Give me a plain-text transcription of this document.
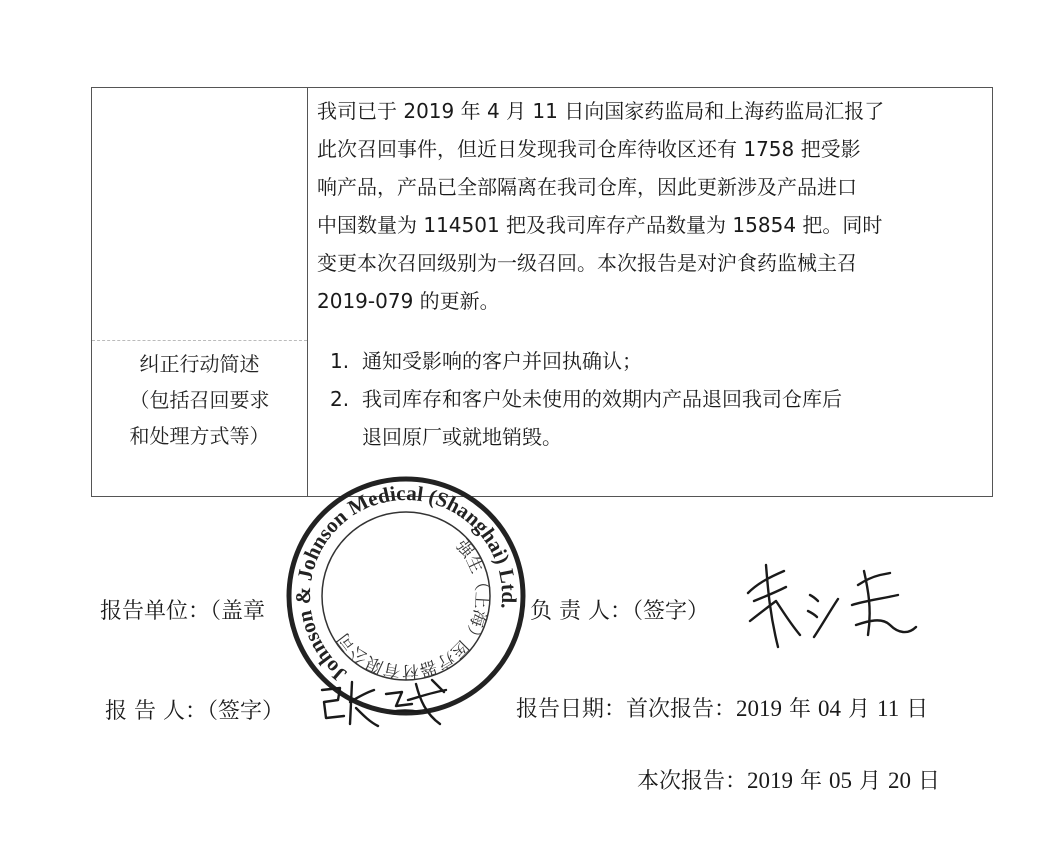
纠正行动简述
（包括召回要求
和处理方式等）
我司已于 2019 年 4 月 11 日向国家药监局和上海药监局汇报了
此次召回事件，但近日发现我司仓库待收区还有 1758 把受影
响产品，产品已全部隔离在我司仓库，因此更新涉及产品进口
中国数量为 114501 把及我司库存产品数量为 15854 把。同时
变更本次召回级别为一级召回。本次报告是对沪食药监械主召
2019-079 的更新。
1. 通知受影响的客户并回执确认；
2. 我司库存和客户处未使用的效期内产品退回我司仓库后
退回原厂或就地销毁。
报告单位：（盖章	负 责 人：（签字）
报 告 人：（签字）	报告日期：首次报告：2019 年 04 月 11 日
本次报告：2019 年 05 月 20 日
Johnson & Johnson Medical (Shanghai) Ltd.
强生（上海）医疗器材有限公司
